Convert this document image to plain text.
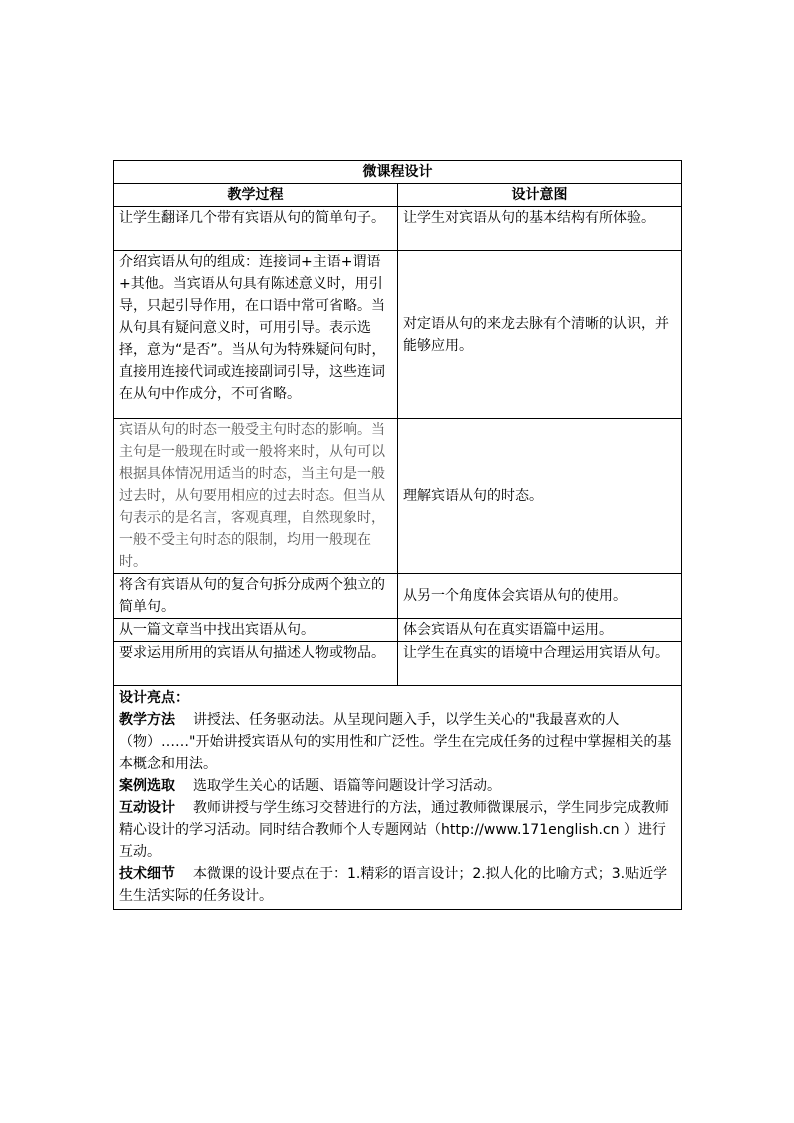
微课程设计	
教学过程	设计意图
让学生翻译几个带有宾语从句的简单句子。	让学生对宾语从句的基本结构有所体验。
介绍宾语从句的组成：连接词+主语+谓语+其他。当宾语从句具有陈述意义时，用引导，只起引导作用，在口语中常可省略。当从句具有疑问意义时，可用引导。表示选择，意为“是否”。当从句为特殊疑问句时，直接用连接代词或连接副词引导，这些连词在从句中作成分，不可省略。	对定语从句的来龙去脉有个清晰的认识，并能够应用。
宾语从句的时态一般受主句时态的影响。当主句是一般现在时或一般将来时，从句可以根据具体情况用适当的时态，当主句是一般过去时，从句要用相应的过去时态。但当从句表示的是名言，客观真理，自然现象时，一般不受主句时态的限制，均用一般现在时。	理解宾语从句的时态。
将含有宾语从句的复合句拆分成两个独立的简单句。	从另一个角度体会宾语从句的使用。
从一篇文章当中找出宾语从句。	体会宾语从句在真实语篇中运用。
要求运用所用的宾语从句描述人物或物品。	让学生在真实的语境中合理运用宾语从句。

设计亮点：

教学方法 讲授法、任务驱动法。从呈现问题入手，以学生关心的"我最喜欢的人（物）……"开始讲授宾语从句的实用性和广泛性。学生在完成任务的过程中掌握相关的基本概念和用法。

案例选取 选取学生关心的话题、语篇等问题设计学习活动。

互动设计 教师讲授与学生练习交替进行的方法，通过教师微课展示，学生同步完成教师精心设计的学习活动。同时结合教师个人专题网站（http://www.171english.cn ）进行互动。

技术细节 本微课的设计要点在于：1.精彩的语言设计；2.拟人化的比喻方式；3.贴近学生生活实际的任务设计。	
